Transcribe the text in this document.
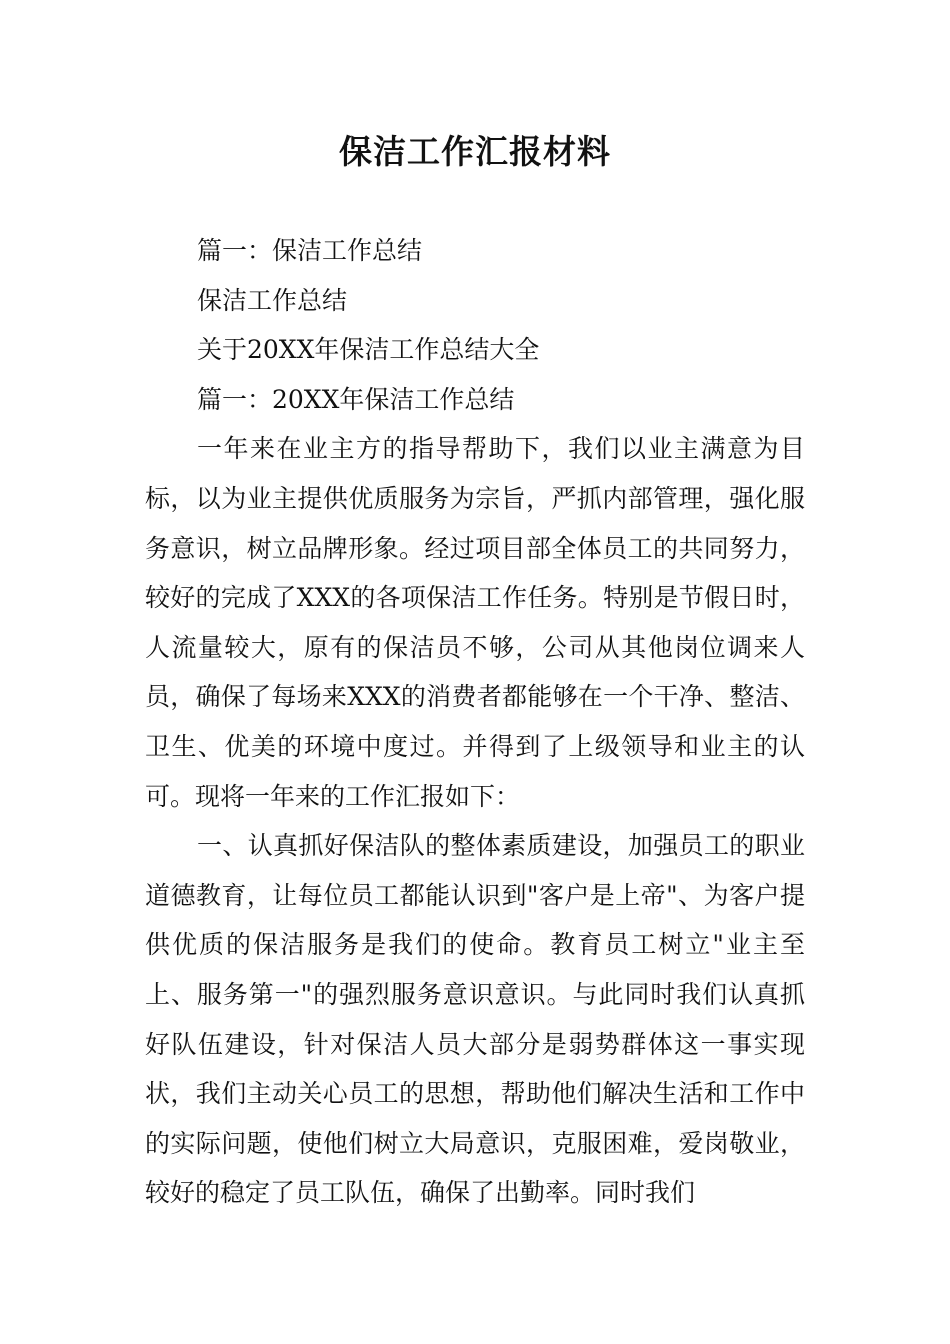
保洁工作汇报材料

篇一：保洁工作总结

保洁工作总结

关于20XX年保洁工作总结大全

篇一：20XX年保洁工作总结

一年来在业主方的指导帮助下，我们以业主满意为目标，以为业主提供优质服务为宗旨，严抓内部管理，强化服务意识，树立品牌形象。经过项目部全体员工的共同努力，较好的完成了XXX的各项保洁工作任务。特别是节假日时，人流量较大，原有的保洁员不够，公司从其他岗位调来人员，确保了每场来XXX的消费者都能够在一个干净、整洁、卫生、优美的环境中度过。并得到了上级领导和业主的认可。现将一年来的工作汇报如下：

一、认真抓好保洁队的整体素质建设，加强员工的职业道德教育，让每位员工都能认识到"客户是上帝"、为客户提供优质的保洁服务是我们的使命。教育员工树立"业主至上、服务第一"的强烈服务意识意识。与此同时我们认真抓好队伍建设，针对保洁人员大部分是弱势群体这一事实现状，我们主动关心员工的思想，帮助他们解决生活和工作中的实际问题，使他们树立大局意识，克服困难，爱岗敬业，较好的稳定了员工队伍，确保了出勤率。同时我们
